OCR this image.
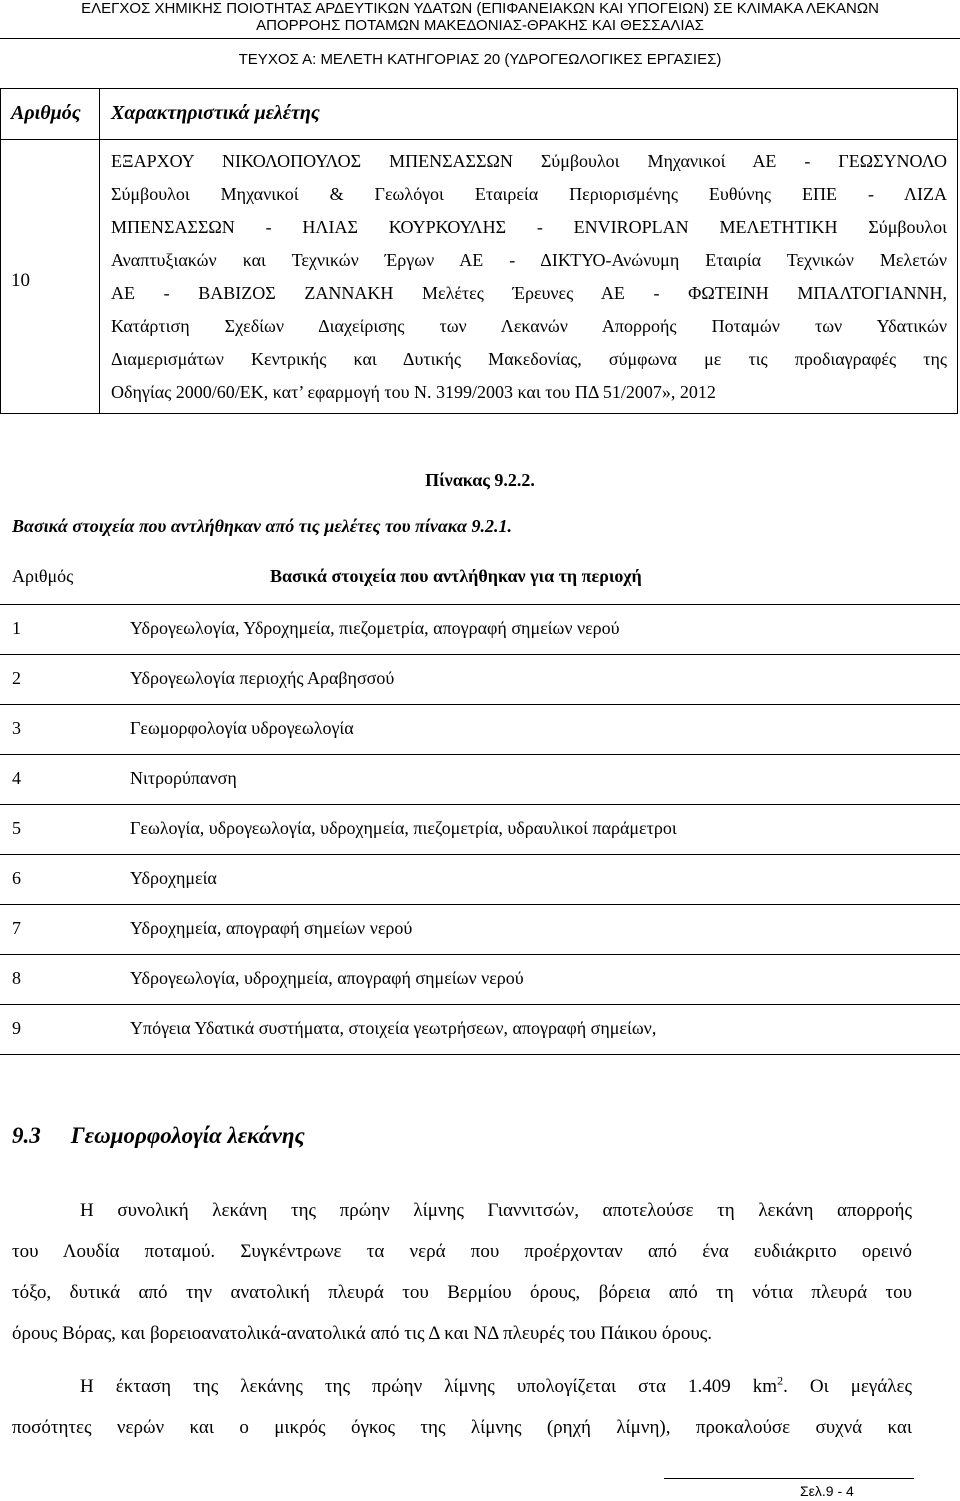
ΕΛΕΓΧΟΣ ΧΗΜΙΚΗΣ ΠΟΙΟΤΗΤΑΣ ΑΡΔΕΥΤΙΚΩΝ ΥΔΑΤΩΝ (ΕΠΙΦΑΝΕΙΑΚΩΝ ΚΑΙ ΥΠΟΓΕΙΩΝ) ΣΕ ΚΛΙΜΑΚΑ ΛΕΚΑΝΩΝ
ΑΠΟΡΡΟΗΣ ΠΟΤΑΜΩΝ ΜΑΚΕΔΟΝΙΑΣ-ΘΡΑΚΗΣ ΚΑΙ ΘΕΣΣΑΛΙΑΣ
ΤΕΥΧΟΣ Α: ΜΕΛΕΤΗ ΚΑΤΗΓΟΡΙΑΣ 20 (ΥΔΡΟΓΕΩΛΟΓΙΚΕΣ ΕΡΓΑΣΙΕΣ)
Αριθμός Χαρακτηριστικά μελέτης
10
ΕΞΑΡΧΟΥ ΝΙΚΟΛΟΠΟΥΛΟΣ ΜΠΕΝΣΑΣΣΩΝ Σύμβουλοι Μηχανικοί ΑΕ - ΓΕΩΣΥΝΟΛΟ
Σύμβουλοι Μηχανικοί & Γεωλόγοι Εταιρεία Περιορισμένης Ευθύνης ΕΠΕ - ΛΙΖΑ
ΜΠΕΝΣΑΣΣΩΝ - ΗΛΙΑΣ ΚΟΥΡΚΟΥΛΗΣ - ENVIROPLAN ΜΕΛΕΤΗΤΙΚΗ Σύμβουλοι
Αναπτυξιακών και Τεχνικών Έργων ΑΕ - ΔΙΚΤΥΟ-Ανώνυμη Εταιρία Τεχνικών Μελετών
ΑΕ - ΒΑΒΙΖΟΣ ΖΑΝΝΑΚΗ Μελέτες Έρευνες ΑΕ - ΦΩΤΕΙΝΗ ΜΠΑΛΤΟΓΙΑΝΝΗ,
Κατάρτιση Σχεδίων Διαχείρισης των Λεκανών Απορροής Ποταμών των Υδατικών
Διαμερισμάτων Κεντρικής και Δυτικής Μακεδονίας, σύμφωνα με τις προδιαγραφές της
Οδηγίας 2000/60/ΕΚ, κατ’ εφαρμογή του Ν. 3199/2003 και του ΠΔ 51/2007», 2012
Πίνακας 9.2.2.
Βασικά στοιχεία που αντλήθηκαν από τις μελέτες του πίνακα 9.2.1.
Αριθμός	Βασικά στοιχεία που αντλήθηκαν για τη περιοχή
1	Υδρογεωλογία, Υδροχημεία, πιεζομετρία, απογραφή σημείων νερού
2	Υδρογεωλογία περιοχής Αραβησσού
3	Γεωμορφολογία υδρογεωλογία
4	Νιτρορύπανση
5	Γεωλογία, υδρογεωλογία, υδροχημεία, πιεζομετρία, υδραυλικοί παράμετροι
6	Υδροχημεία
7	Υδροχημεία, απογραφή σημείων νερού
8	Υδρογεωλογία, υδροχημεία, απογραφή σημείων νερού
9	Υπόγεια Υδατικά συστήματα, στοιχεία γεωτρήσεων, απογραφή σημείων,
9.3 Γεωμορφολογία λεκάνης
Η συνολική λεκάνη της πρώην λίμνης Γιαννιτσών, αποτελούσε τη λεκάνη απορροής
του Λουδία ποταμού. Συγκέντρωνε τα νερά που προέρχονταν από ένα ευδιάκριτο ορεινό
τόξο, δυτικά από την ανατολική πλευρά του Βερμίου όρους, βόρεια από τη νότια πλευρά του
όρους Βόρας, και βορειοανατολικά-ανατολικά από τις Δ και ΝΔ πλευρές του Πάικου όρους.
Η έκταση της λεκάνης της πρώην λίμνης υπολογίζεται στα 1.409 $km^2$. Οι μεγάλες
ποσότητες νερών και ο μικρός όγκος της λίμνης (ρηχή λίμνη), προκαλούσε συχνά και
Σελ.9 - 4
